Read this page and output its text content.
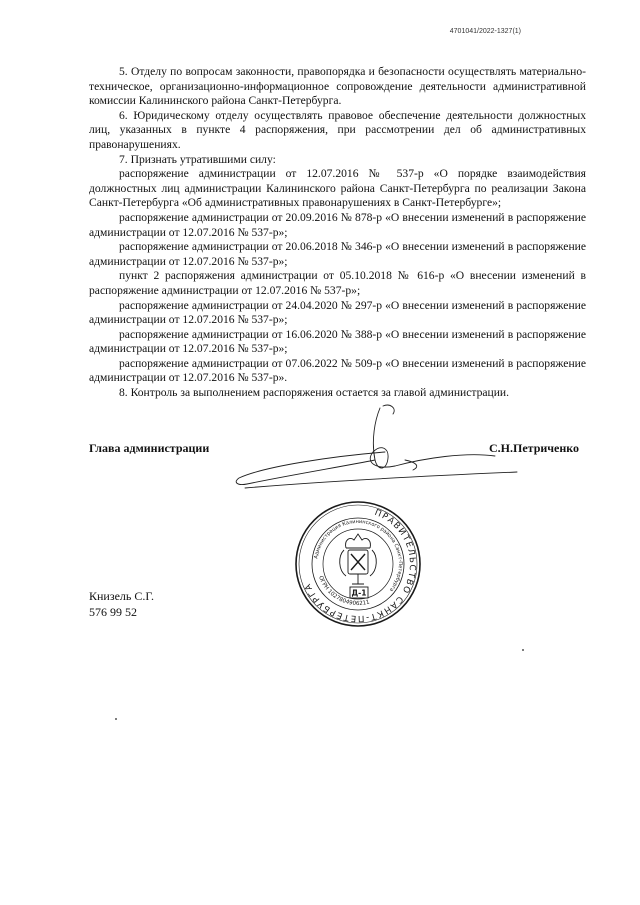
4701041/2022-1327(1)

5. Отделу по вопросам законности, правопорядка и безопасности осуществлять материально-техническое, организационно-информационное сопровождение деятельности административной комиссии Калининского района Санкт-Петербурга.

6. Юридическому отделу осуществлять правовое обеспечение деятельности должностных лиц, указанных в пункте 4 распоряжения, при рассмотрении дел об административных правонарушениях.

7. Признать утратившими силу:

распоряжение администрации от 12.07.2016 № 537-р «О порядке взаимодействия должностных лиц администрации Калининского района Санкт-Петербурга по реализации Закона Санкт-Петербурга «Об административных правонарушениях в Санкт-Петербурге»;

распоряжение администрации от 20.09.2016 № 878-р «О внесении изменений в распоряжение администрации от 12.07.2016 № 537-р»;

распоряжение администрации от 20.06.2018 № 346-р «О внесении изменений в распоряжение администрации от 12.07.2016 № 537-р»;

пункт 2 распоряжения администрации от 05.10.2018 № 616-р «О внесении изменений в распоряжение администрации от 12.07.2016 № 537-р»;

распоряжение администрации от 24.04.2020 № 297-р «О внесении изменений в распоряжение администрации от 12.07.2016 № 537-р»;

распоряжение администрации от 16.06.2020 № 388-р «О внесении изменений в распоряжение администрации от 12.07.2016 № 537-р»;

распоряжение администрации от 07.06.2022 № 509-р «О внесении изменений в распоряжение администрации от 12.07.2016 № 537-р».

8. Контроль за выполнением распоряжения остается за главой администрации.

Глава администрации	С.Н.Петриченко
ПРАВИТЕЛЬСТВО САНКТ-ПЕТЕРБУРГА
Администрация Калининского района Санкт-Петербурга
ОГРН 1027804906211
Д-1
Книзель С.Г.
576 99 52
